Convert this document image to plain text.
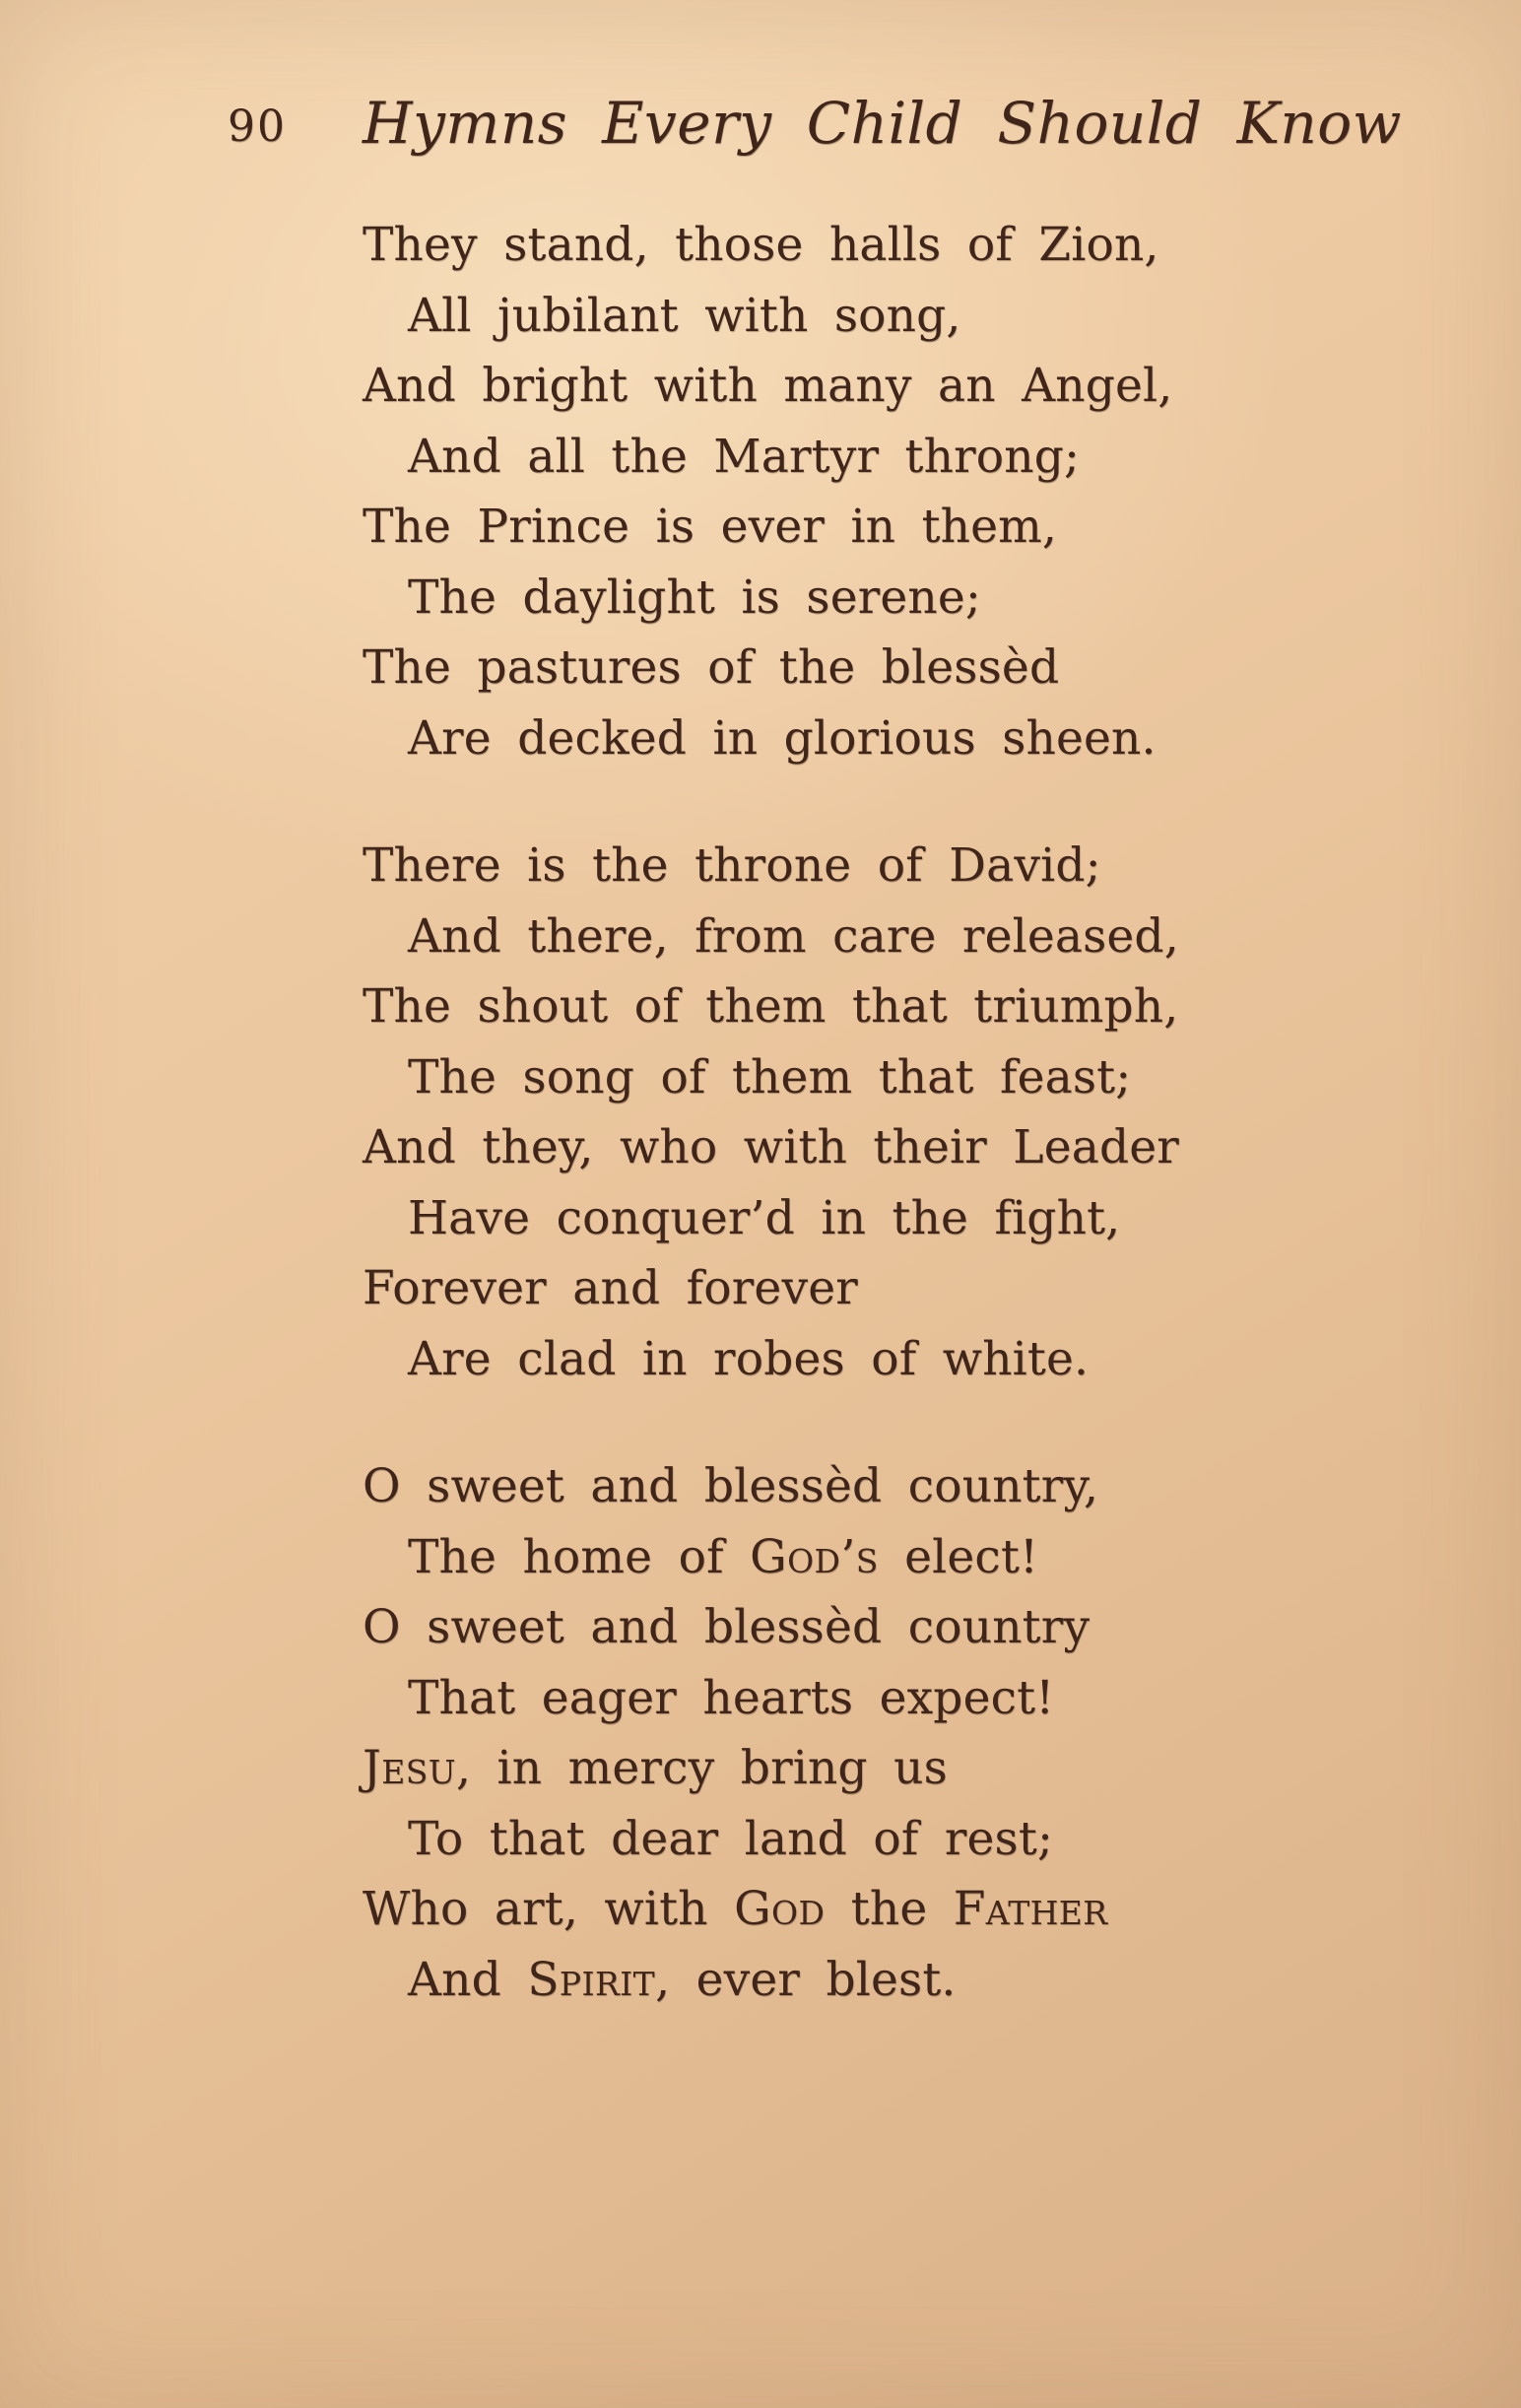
90 Hymns Every Child Should Know
They stand, those halls of Zion,
All jubilant with song,
And bright with many an Angel,
And all the Martyr throng;
The Prince is ever in them,
The daylight is serene;
The pastures of the blessèd
Are decked in glorious sheen.
There is the throne of David;
And there, from care released,
The shout of them that triumph,
The song of them that feast;
And they, who with their Leader
Have conquer’d in the fight,
Forever and forever
Are clad in robes of white.
O sweet and blessèd country,
The home of God’s elect!
O sweet and blessèd country
That eager hearts expect!
Jesu, in mercy bring us
To that dear land of rest;
Who art, with God the Father
And Spirit, ever blest.
